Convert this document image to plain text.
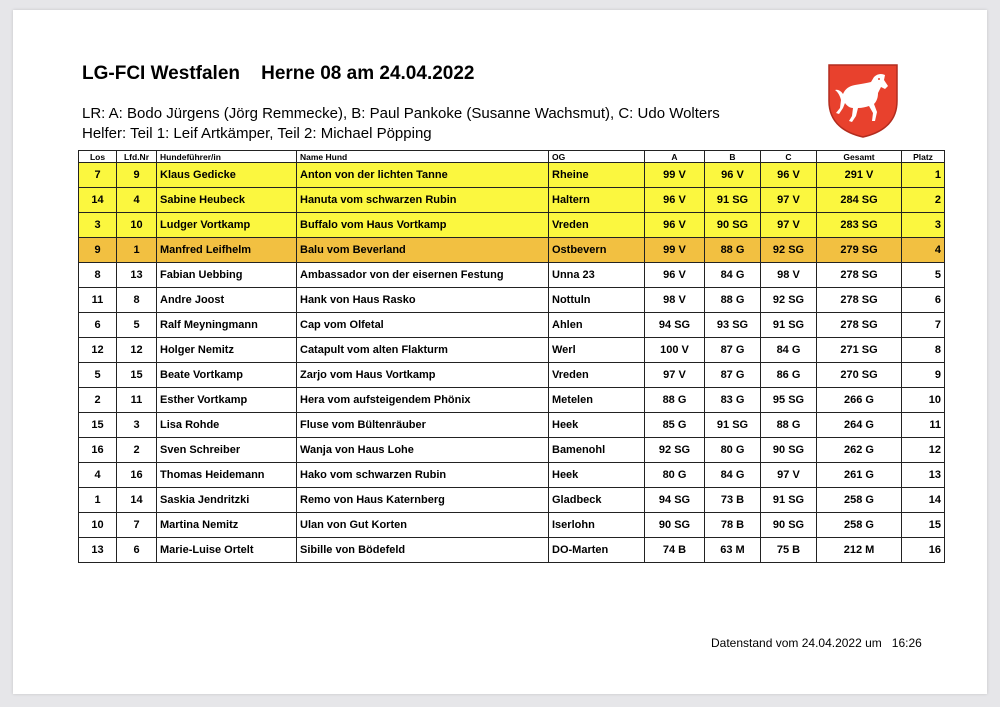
LG-FCI Westfalen    Herne 08 am 24.04.2022
LR: A: Bodo Jürgens (Jörg Remmecke), B: Paul Pankoke (Susanne Wachsmut), C: Udo Wolters
Helfer: Teil 1: Leif Artkämper, Teil 2: Michael Pöpping
Los	Lfd.Nr	Hundeführer/in	Name Hund	OG	A	B	C	Gesamt	Platz
7	9	Klaus Gedicke	Anton von der lichten Tanne	Rheine	99 V	96 V	96 V	291 V	1
14	4	Sabine Heubeck	Hanuta vom schwarzen Rubin	Haltern	96 V	91 SG	97 V	284 SG	2
3	10	Ludger Vortkamp	Buffalo vom Haus Vortkamp	Vreden	96 V	90 SG	97 V	283 SG	3
9	1	Manfred Leifhelm	Balu vom Beverland	Ostbevern	99 V	88 G	92 SG	279 SG	4
8	13	Fabian Uebbing	Ambassador von der eisernen Festung	Unna 23	96 V	84 G	98 V	278 SG	5
11	8	Andre Joost	Hank von Haus Rasko	Nottuln	98 V	88 G	92 SG	278 SG	6
6	5	Ralf Meyningmann	Cap vom Olfetal	Ahlen	94 SG	93 SG	91 SG	278 SG	7
12	12	Holger Nemitz	Catapult vom alten Flakturm	Werl	100 V	87 G	84 G	271 SG	8
5	15	Beate Vortkamp	Zarjo vom Haus Vortkamp	Vreden	97 V	87 G	86 G	270 SG	9
2	11	Esther Vortkamp	Hera vom aufsteigendem Phönix	Metelen	88 G	83 G	95 SG	266 G	10
15	3	Lisa Rohde	Fluse vom Bültenräuber	Heek	85 G	91 SG	88 G	264 G	11
16	2	Sven Schreiber	Wanja von Haus Lohe	Bamenohl	92 SG	80 G	90 SG	262 G	12
4	16	Thomas Heidemann	Hako vom schwarzen Rubin	Heek	80 G	84 G	97 V	261 G	13
1	14	Saskia Jendritzki	Remo von Haus Katernberg	Gladbeck	94 SG	73 B	91 SG	258 G	14
10	7	Martina Nemitz	Ulan von Gut Korten	Iserlohn	90 SG	78 B	90 SG	258 G	15
13	6	Marie-Luise Ortelt	Sibille von Bödefeld	DO-Marten	74 B	63 M	75 B	212 M	16
Datenstand vom 24.04.2022 um   16:26
